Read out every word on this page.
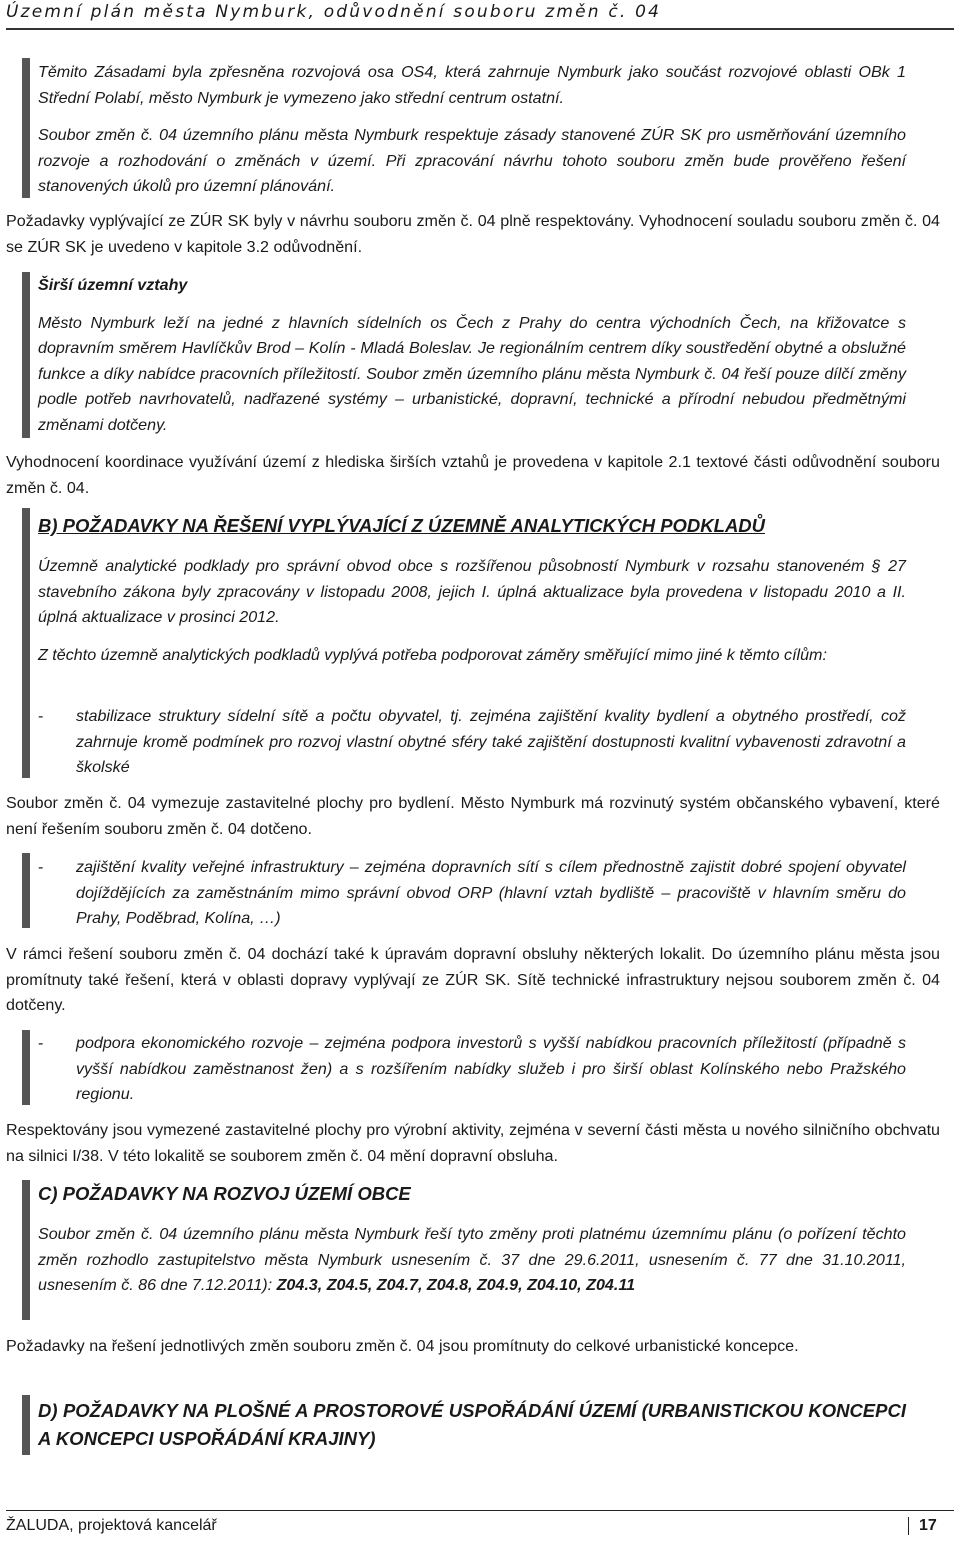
Územní plán města Nymburk, odůvodnění souboru změn č. 04

Těmito Zásadami byla zpřesněna rozvojová osa OS4, která zahrnuje Nymburk jako součást rozvojové oblasti OBk 1 Střední Polabí, město Nymburk je vymezeno jako střední centrum ostatní.

Soubor změn č. 04 územního plánu města Nymburk respektuje zásady stanovené ZÚR SK pro usměrňování územního rozvoje a rozhodování o změnách v území. Při zpracování návrhu tohoto souboru změn bude prověřeno řešení stanovených úkolů pro územní plánování.

Požadavky vyplývající ze ZÚR SK byly v návrhu souboru změn č. 04 plně respektovány. Vyhodnocení souladu souboru změn č. 04 se ZÚR SK je uvedeno v kapitole 3.2 odůvodnění.

Širší územní vztahy

Město Nymburk leží na jedné z hlavních sídelních os Čech z Prahy do centra východních Čech, na křižovatce s dopravním směrem Havlíčkův Brod – Kolín - Mladá Boleslav. Je regionálním centrem díky soustředění obytné a obslužné funkce a díky nabídce pracovních příležitostí. Soubor změn územního plánu města Nymburk č. 04 řeší pouze dílčí změny podle potřeb navrhovatelů, nadřazené systémy – urbanistické, dopravní, technické a přírodní nebudou předmětnými změnami dotčeny.

Vyhodnocení koordinace využívání území z hlediska širších vztahů je provedena v kapitole 2.1 textové části odůvodnění souboru změn č. 04.

B) POŽADAVKY NA ŘEŠENÍ VYPLÝVAJÍCÍ Z ÚZEMNĚ ANALYTICKÝCH PODKLADŮ

Územně analytické podklady pro správní obvod obce s rozšířenou působností Nymburk v rozsahu stanoveném § 27 stavebního zákona byly zpracovány v listopadu 2008, jejich I. úplná aktualizace byla provedena v listopadu 2010 a II. úplná aktualizace v prosinci 2012.

Z těchto územně analytických podkladů vyplývá potřeba podporovat záměry směřující mimo jiné k těmto cílům:

-	stabilizace struktury sídelní sítě a počtu obyvatel, tj. zejména zajištění kvality bydlení a obytného prostředí, což zahrnuje kromě podmínek pro rozvoj vlastní obytné sféry také zajištění dostupnosti kvalitní vybavenosti zdravotní a školské

Soubor změn č. 04 vymezuje zastavitelné plochy pro bydlení. Město Nymburk má rozvinutý systém občanského vybavení, které není řešením souboru změn č. 04 dotčeno.

-	zajištění kvality veřejné infrastruktury – zejména dopravních sítí s cílem přednostně zajistit dobré spojení obyvatel dojíždějících za zaměstnáním mimo správní obvod ORP (hlavní vztah bydliště – pracoviště v hlavním směru do Prahy, Poděbrad, Kolína, …)

V rámci řešení souboru změn č. 04 dochází také k úpravám dopravní obsluhy některých lokalit. Do územního plánu města jsou promítnuty také řešení, která v oblasti dopravy vyplývají ze ZÚR SK. Sítě technické infrastruktury nejsou souborem změn č. 04 dotčeny.

-	podpora ekonomického rozvoje – zejména podpora investorů s vyšší nabídkou pracovních příležitostí (případně s vyšší nabídkou zaměstnanost žen) a s rozšířením nabídky služeb i pro širší oblast Kolínského nebo Pražského regionu.

Respektovány jsou vymezené zastavitelné plochy pro výrobní aktivity, zejména v severní části města u nového silničního obchvatu na silnici I/38. V této lokalitě se souborem změn č. 04 mění dopravní obsluha.

C) POŽADAVKY NA ROZVOJ ÚZEMÍ OBCE

Soubor změn č. 04 územního plánu města Nymburk řeší tyto změny proti platnému územnímu plánu (o pořízení těchto změn rozhodlo zastupitelstvo města Nymburk usnesením č. 37 dne 29.6.2011, usnesením č. 77 dne 31.10.2011, usnesením č. 86 dne 7.12.2011): Z04.3, Z04.5, Z04.7, Z04.8, Z04.9, Z04.10, Z04.11

Požadavky na řešení jednotlivých změn souboru změn č. 04 jsou promítnuty do celkové urbanistické koncepce.

D) POŽADAVKY NA PLOŠNÉ A PROSTOROVÉ USPOŘÁDÁNÍ ÚZEMÍ (URBANISTICKOU KONCEPCI A KONCEPCI USPOŘÁDÁNÍ KRAJINY)

ŽALUDA, projektová kancelář	17
